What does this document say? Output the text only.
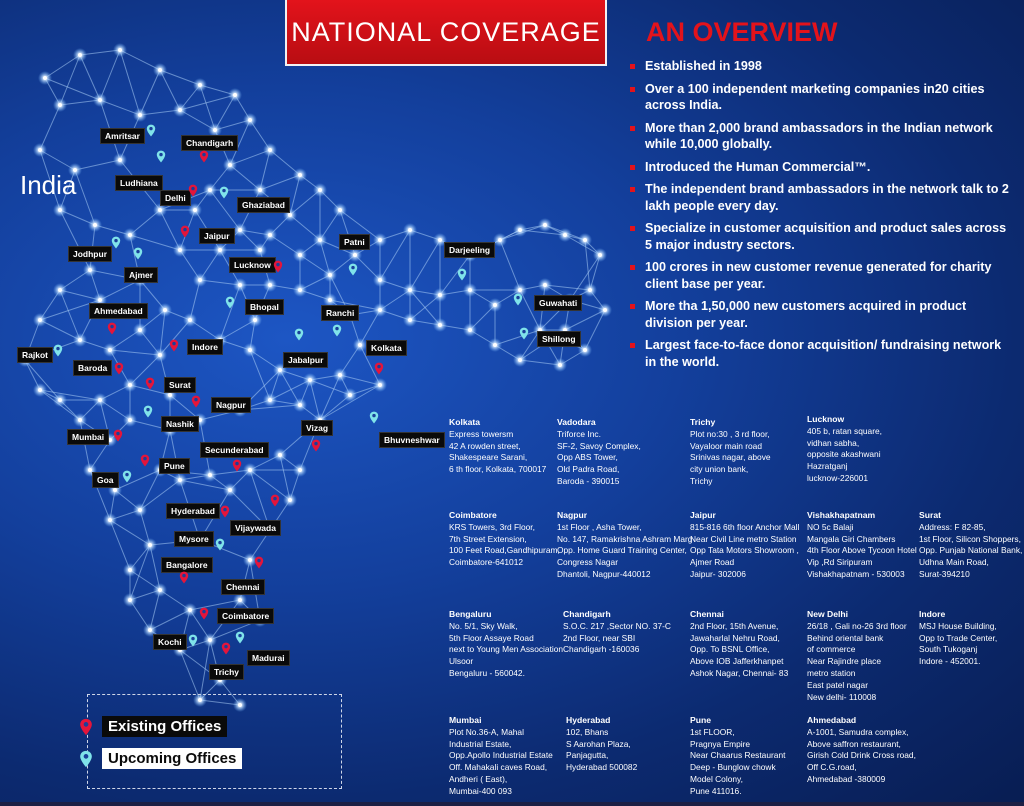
NATIONAL COVERAGE AN OVERVIEW
India
Established in 1998
Over a 100 independent marketing companies in20 cities across India.
More than 2,000 brand ambassadors in the Indian network while 10,000 globally.
Introduced the Human Commercial™.
The independent brand ambassadors in the network talk to 2 lakh people every day.
Specialize in customer acquisition and product sales across 5 major industry sectors.
100 crores in new customer revenue generated for charity client base per year.
More tha 1,50,000 new customers acquired in product division per year.
Largest face-to-face donor acquisition/ fundraising network in the world.
Amritsar
Chandigarh
Ludhiana
Delhi
Ghaziabad
Jaipur
Jodhpur
Ajmer
Lucknow
Patni
Darjeeling
Guwahati
Shillong
Ahmedabad	Bhopal
Ranchi
Jabalpur
Kolkata
Rajkot
Baroda
Indore
Surat
Nagpur
Nashik	Vizag
Bhuvneshwar
Mumbai
Secunderabad
Pune
Goa
Hyderabad
Vijaywada
Mysore
Bangalore
Chennai
Coimbatore
Kochi
Madurai
Trichy
Kolkata
Express towersm
42 A rowden street,
Shakespeare Sarani,
6 th floor, Kolkata, 700017
Vadodara
Triforce Inc.
SF-2, Savoy Complex,
Opp ABS Tower,
Old Padra Road,
Baroda - 390015
Trichy
Plot no:30 , 3 rd floor,
Vayaloor main road
Srinivas nagar, above
city union bank,
Trichy
Lucknow
405 b, ratan square,
vidhan sabha,
opposite akashwani
Hazratganj
lucknow-226001
Coimbatore
KRS Towers, 3rd Floor,
7th Street Extension,
100 Feet Road,Gandhipuram,
Coimbatore-641012
Nagpur
1st Floor , Asha Tower,
No. 147, Ramakrishna Ashram Marg
Opp. Home Guard Training Center,
Congress Nagar
Dhantoli, Nagpur-440012
Jaipur
815-816 6th floor Anchor Mall
Near Civil Line metro Station
Opp Tata Motors Showroom ,
Ajmer Road
Jaipur- 302006
Vishakhapatnam
NO 5c Balaji
Mangala Giri Chambers
4th Floor Above Tycoon Hotel
Vip ,Rd Siripuram
Vishakhapatnam - 530003
Surat
Address: F 82-85,
1st Floor, Silicon Shoppers,
Opp. Punjab National Bank,
Udhna Main Road,
Surat-394210
Bengaluru
No. 5/1, Sky Walk,
5th Floor Assaye Road
next to Young Men Association
Ulsoor
Bengaluru - 560042.
Chandigarh
S.O.C. 217 ,Sector NO. 37-C
2nd Floor, near SBI
Chandigarh -160036
Chennai
2nd Floor, 15th Avenue,
Jawaharlal Nehru Road,
Opp. To BSNL Office,
Above IOB Jafferkhanpet
Ashok Nagar, Chennai- 83
New Delhi
26/18 , Gali no-26 3rd floor
Behind oriental bank
of commerce
Near Rajindre place
metro station
East patel nagar
New delhi- 110008
Indore
MSJ House Building,
Opp to Trade Center,
South Tukoganj
Indore - 452001.
Mumbai
Plot No.36-A, Mahal
Industrial Estate,
Opp.Apollo Industrial Estate
Off. Mahakali caves Road,
Andheri ( East),
Mumbai-400 093
Hyderabad
102, Bhans
S Aarohan Plaza,
Panjagutta,
Hyderabad 500082
Pune
1st FLOOR,
Pragnya Empire
Near Chaarus Restaurant
Deep - Bunglow chowk
Model Colony,
Pune 411016.
Ahmedabad
A-1001, Samudra complex,
Above saffron restaurant,
Girish Cold Drink Cross road,
Off C.G.road,
Ahmedabad -380009
Existing Offices
Upcoming Offices
